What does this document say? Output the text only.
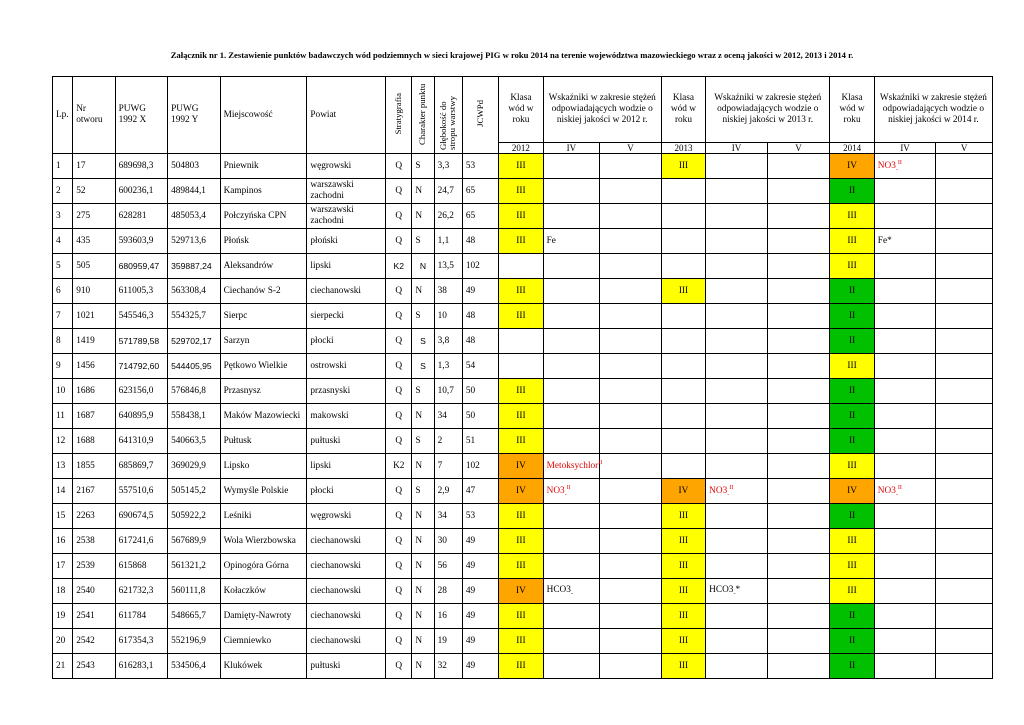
Załącznik nr 1. Zestawienie punktów badawczych wód podziemnych w sieci krajowej PIG w roku 2014 na terenie województwa mazowieckiego wraz z oceną jakości w 2012, 2013 i 2014 r.
Lp.	Nr otworu	PUWG 1992 X	PUWG 1992 Y	Miejscowość	Powiat	Stratygrafia	Charakter punktu	Głębokość do stropu warstwy	JCWPd	Klasa wód w roku	Wskaźniki w zakresie stężeń odpowiadających wodzie o niskiej jakości w 2012 r.		Klasa wód w roku	Wskaźniki w zakresie stężeń odpowiadających wodzie o niskiej jakości w 2013 r.		Klasa wód w roku	Wskaźniki w zakresie stężeń odpowiadających wodzie o niskiej jakości w 2014 r.	
										2012	IV	V	2013	IV	V	2014	IV	V
1	17	689698,3	504803	Pniewnik	węgrowski	Q	S	3,3	53	III			III			IV	$NO3_-^{II}$	
2	52	600236,1	489844,1	Kampinos	warszawski zachodni	Q	N	24,7	65	III						II		
3	275	628281	485053,4	Połczyńska CPN	warszawski zachodni	Q	N	26,2	65	III						III		
4	435	593603,9	529713,6	Płońsk	płoński	Q	S	1,1	48	III	Fe					III	Fe*	
5	505	680959,47	359887,24	Aleksandrów	lipski	K2	N	13,5	102							III		
6	910	611005,3	563308,4	Ciechanów S-2	ciechanowski	Q	N	38	49	III			III			II		
7	1021	545546,3	554325,7	Sierpc	sierpecki	Q	S	10	48	III						II		
8	1419	571789,58	529702,17	Sarzyn	płocki	Q	S	3,8	48							II		
9	1456	714792,60	544405,95	Pętkowo Wielkie	ostrowski	Q	S	1,3	54							III		
10	1686	623156,0	576846,8	Przasnysz	przasnyski	Q	S	10,7	50	III						II		
11	1687	640895,9	558438,1	Maków Mazowiecki	makowski	Q	N	34	50	III						II		
12	1688	641310,9	540663,5	Pułtusk	pułtuski	Q	S	2	51	III						II		
13	1855	685869,7	369029,9	Lipsko	lipski	K2	N	7	102	IV	Metoksychlor$^{II}$					III		
14	2167	557510,6	505145,2	Wymyśle Polskie	płocki	Q	S	2,9	47	IV	$NO3_-^{II}$		IV	$NO3_-^{II}$		IV	$NO3_-^{II}$	
15	2263	690674,5	505922,2	Leśniki	węgrowski	Q	N	34	53	III			III			II		
16	2538	617241,6	567689,9	Wola Wierzbowska	ciechanowski	Q	N	30	49	III			III			III		
17	2539	615868	561321,2	Opinogóra Górna	ciechanowski	Q	N	56	49	III			III			III		
18	2540	621732,3	560111,8	Kołaczków	ciechanowski	Q	N	28	49	IV	$HCO3_-$		III	$HCO3_-*$		III		
19	2541	611784	548665,7	Damięty-Nawroty	ciechanowski	Q	N	16	49	III			III			II		
20	2542	617354,3	552196,9	Ciemniewko	ciechanowski	Q	N	19	49	III			III			II		
21	2543	616283,1	534506,4	Klukówek	pułtuski	Q	N	32	49	III			III			II		
